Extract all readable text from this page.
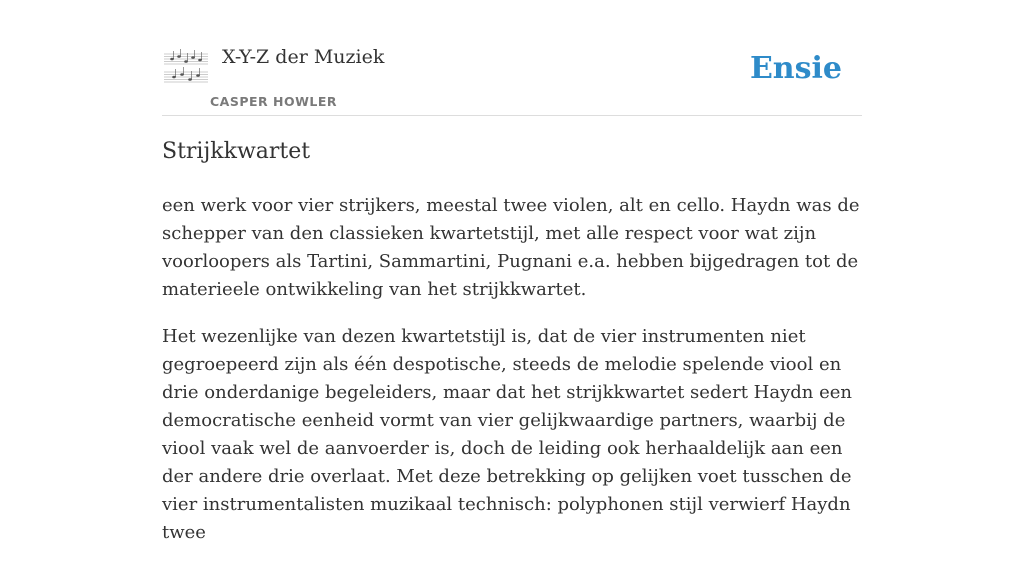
X-Y-Z der Muziek
CASPER HOWLER
Ensie
Strijkkwartet

een werk voor vier strijkers, meestal twee violen, alt en cello. Haydn was de schepper van den classieken kwartetstijl, met alle respect voor wat zijn voorloopers als Tartini, Sammartini, Pugnani e.a. hebben bijgedragen tot de materieele ontwikkeling van het strijkkwartet.

Het wezenlijke van dezen kwartetstijl is, dat de vier instrumenten niet gegroepeerd zijn als één despotische, steeds de melodie spelende viool en drie onderdanige begeleiders, maar dat het strijkkwartet sedert Haydn een democratische eenheid vormt van vier gelijkwaardige partners, waarbij de viool vaak wel de aanvoerder is, doch de leiding ook herhaaldelijk aan een der andere drie overlaat. Met deze betrekking op gelijken voet tusschen de vier instrumentalisten muzikaal technisch: polyphonen stijl verwierf Haydn twee
